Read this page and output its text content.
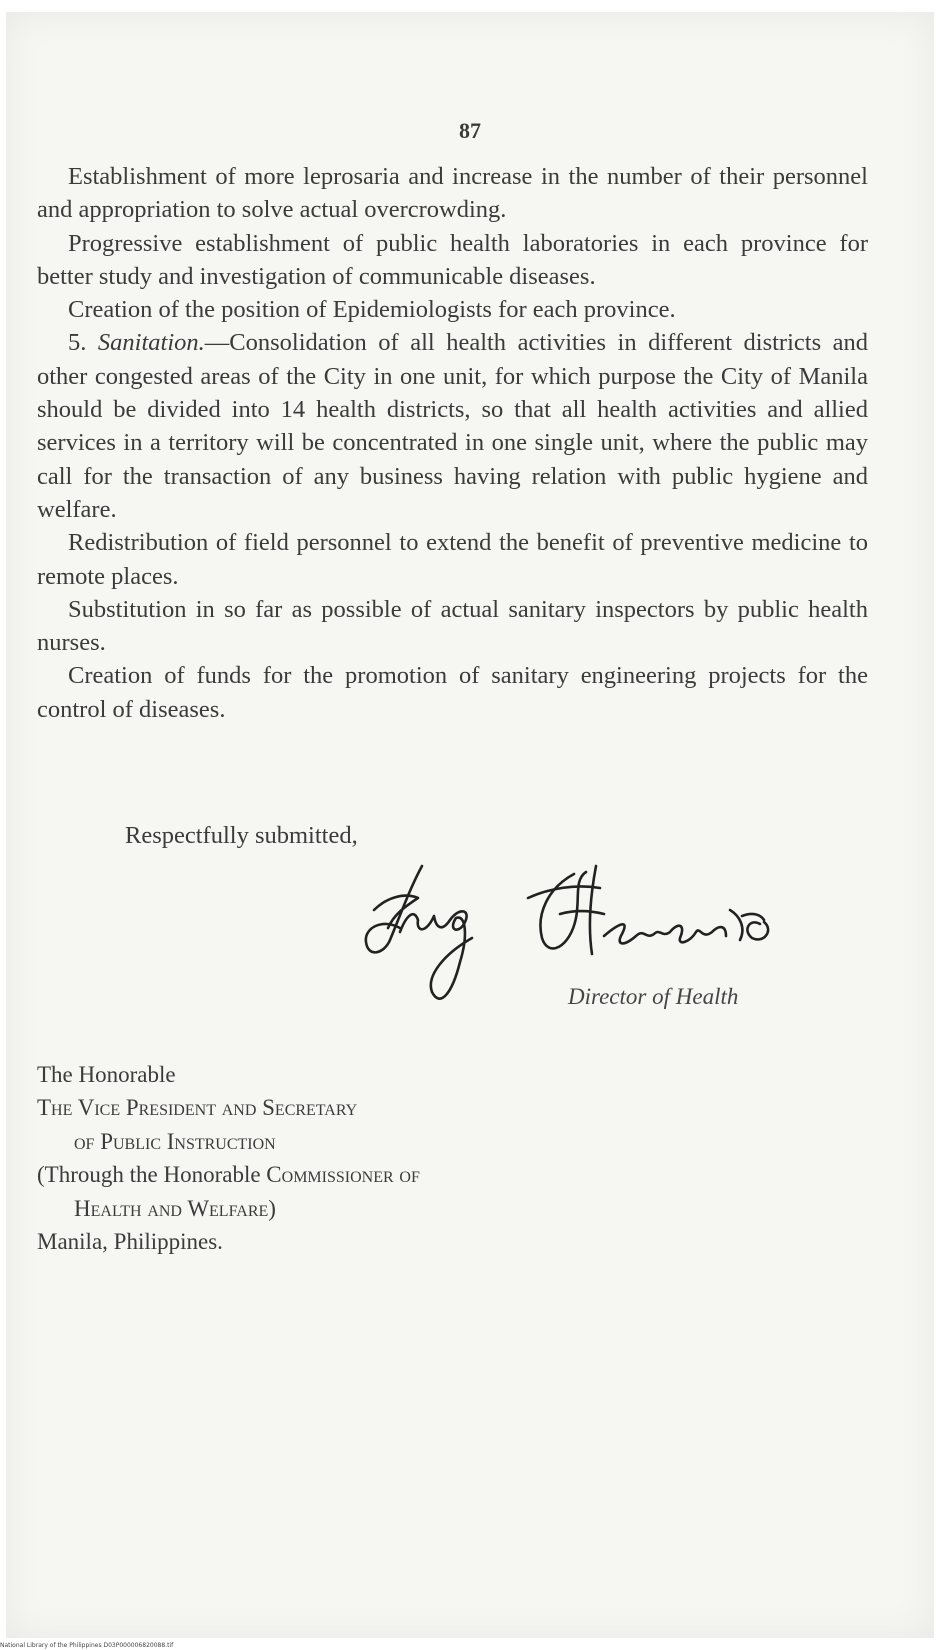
87

Establishment of more leprosaria and increase in the number of their personnel and appropriation to solve actual overcrowding.

Progressive establishment of public health laboratories in each province for better study and investigation of communicable diseases.

Creation of the position of Epidemiologists for each province.

5. Sanitation.—Consolidation of all health activities in different districts and other congested areas of the City in one unit, for which purpose the City of Manila should be divided into 14 health districts, so that all health activities and allied services in a territory will be concentrated in one single unit, where the public may call for the transaction of any business having relation with public hygiene and welfare.

Redistribution of field personnel to extend the benefit of preventive medicine to remote places.

Substitution in so far as possible of actual sanitary inspectors by public health nurses.

Creation of funds for the promotion of sanitary engineering projects for the control of diseases.

Respectfully submitted,
Director of Health
The Honorable
The Vice President and Secretary
of Public Instruction
(Through the Honorable Commissioner of
Health and Welfare)
Manila, Philippines.
National Library of the Philippines D03P000006820088.tif
